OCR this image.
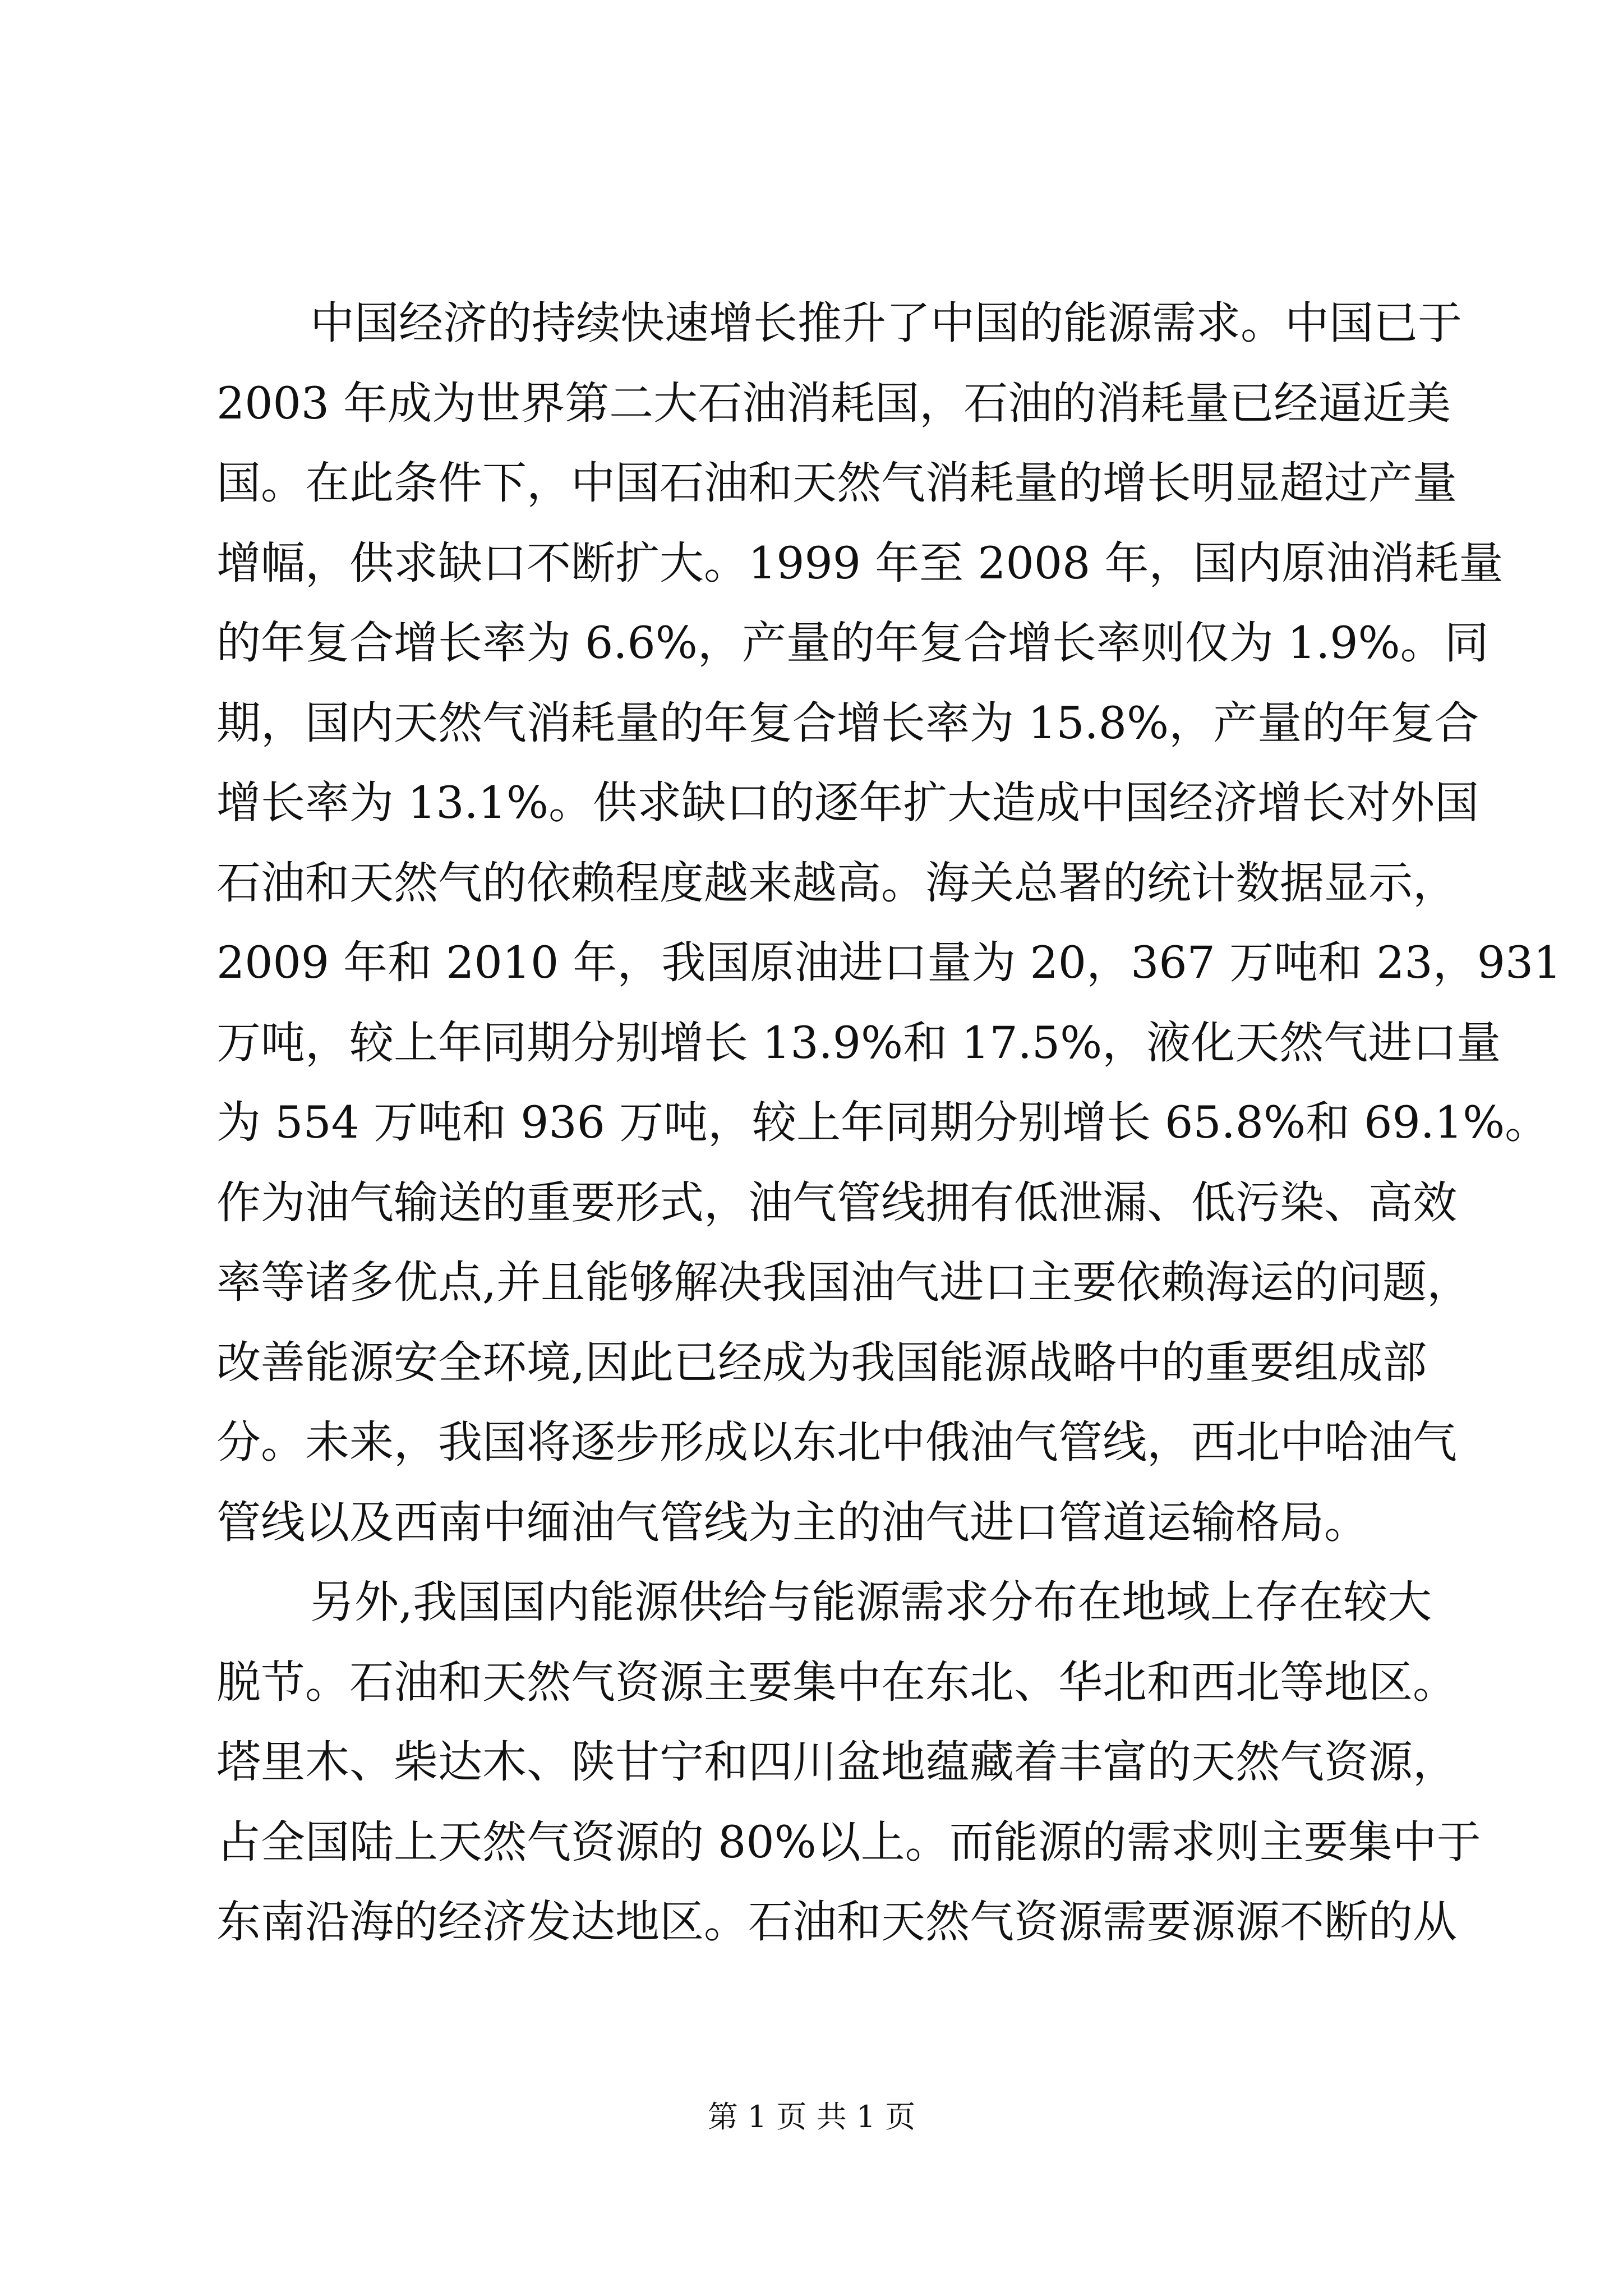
中国经济的持续快速增长推升了中国的能源需求。中国已于
2003 年成为世界第二大石油消耗国，石油的消耗量已经逼近美
国。在此条件下，中国石油和天然气消耗量的增长明显超过产量
增幅，供求缺口不断扩大。1999 年至 2008 年，国内原油消耗量
的年复合增长率为 6.6%，产量的年复合增长率则仅为 1.9%。同
期，国内天然气消耗量的年复合增长率为 15.8%，产量的年复合
增长率为 13.1%。供求缺口的逐年扩大造成中国经济增长对外国
石油和天然气的依赖程度越来越高。海关总署的统计数据显示，
2009 年和 2010 年，我国原油进口量为 20，367 万吨和 23，931
万吨，较上年同期分别增长 13.9%和 17.5%，液化天然气进口量
为 554 万吨和 936 万吨，较上年同期分别增长 65.8%和 69.1%。
作为油气输送的重要形式，油气管线拥有低泄漏、低污染、高效
率等诸多优点,并且能够解决我国油气进口主要依赖海运的问题，
改善能源安全环境,因此已经成为我国能源战略中的重要组成部
分。未来，我国将逐步形成以东北中俄油气管线，西北中哈油气
管线以及西南中缅油气管线为主的油气进口管道运输格局。
另外,我国国内能源供给与能源需求分布在地域上存在较大
脱节。石油和天然气资源主要集中在东北、华北和西北等地区。
塔里木、柴达木、陕甘宁和四川盆地蕴藏着丰富的天然气资源，
占全国陆上天然气资源的 80%以上。而能源的需求则主要集中于
东南沿海的经济发达地区。石油和天然气资源需要源源不断的从
第 1 页 共 1 页
